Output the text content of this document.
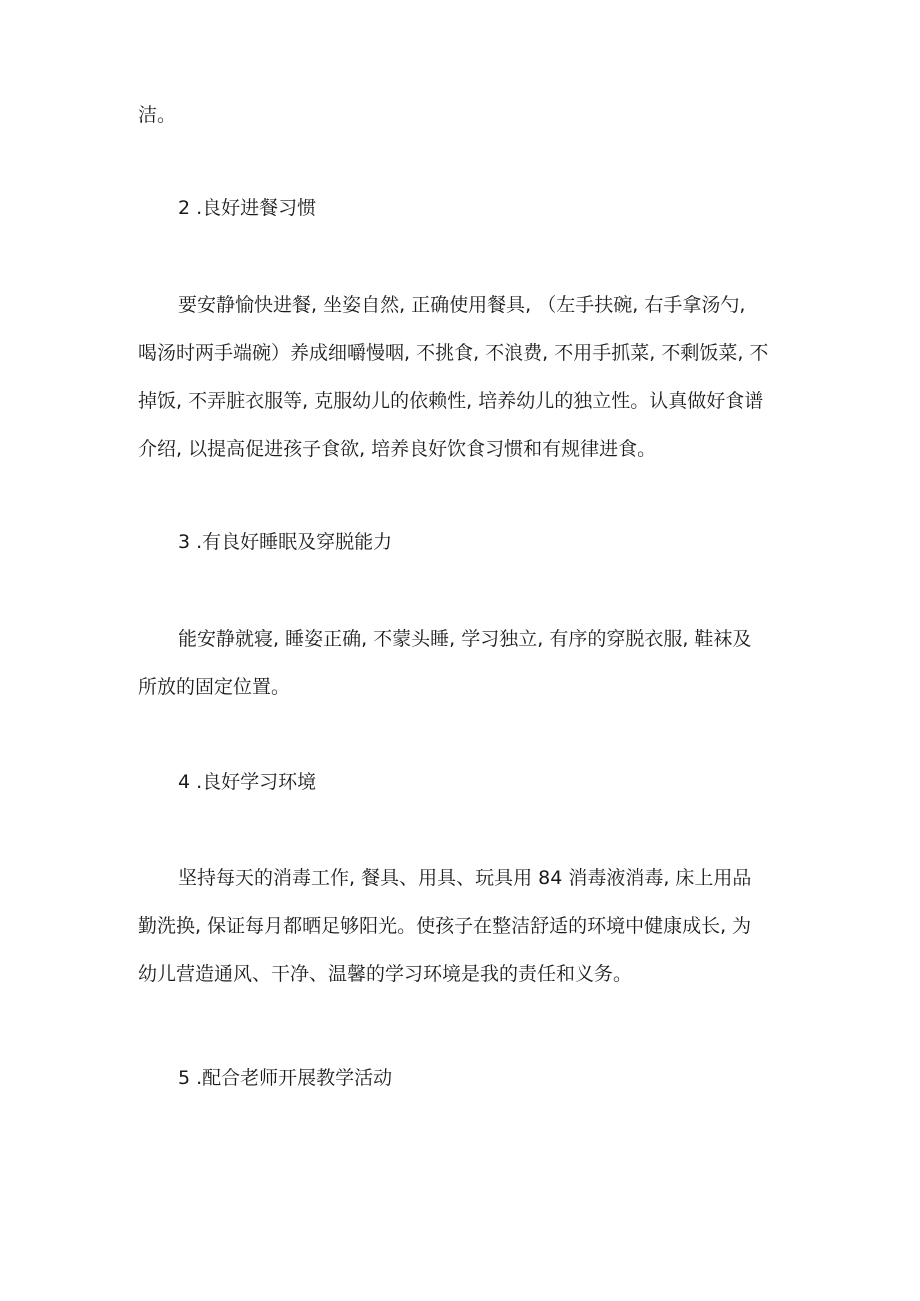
洁。
2 .良好进餐习惯
要安静愉快进餐, 坐姿自然, 正确使用餐具, （左手扶碗, 右手拿汤勺,
喝汤时两手端碗）养成细嚼慢咽, 不挑食, 不浪费, 不用手抓菜, 不剩饭菜, 不
掉饭, 不弄脏衣服等, 克服幼儿的依赖性, 培养幼儿的独立性。认真做好食谱
介绍, 以提高促进孩子食欲, 培养良好饮食习惯和有规律进食。
3 .有良好睡眠及穿脱能力
能安静就寝, 睡姿正确, 不蒙头睡, 学习独立, 有序的穿脱衣服, 鞋袜及
所放的固定位置。
4 .良好学习环境
坚持每天的消毒工作, 餐具、用具、玩具用 84 消毒液消毒, 床上用品
勤洗换, 保证每月都晒足够阳光。使孩子在整洁舒适的环境中健康成长, 为
幼儿营造通风、干净、温馨的学习环境是我的责任和义务。
5 .配合老师开展教学活动
